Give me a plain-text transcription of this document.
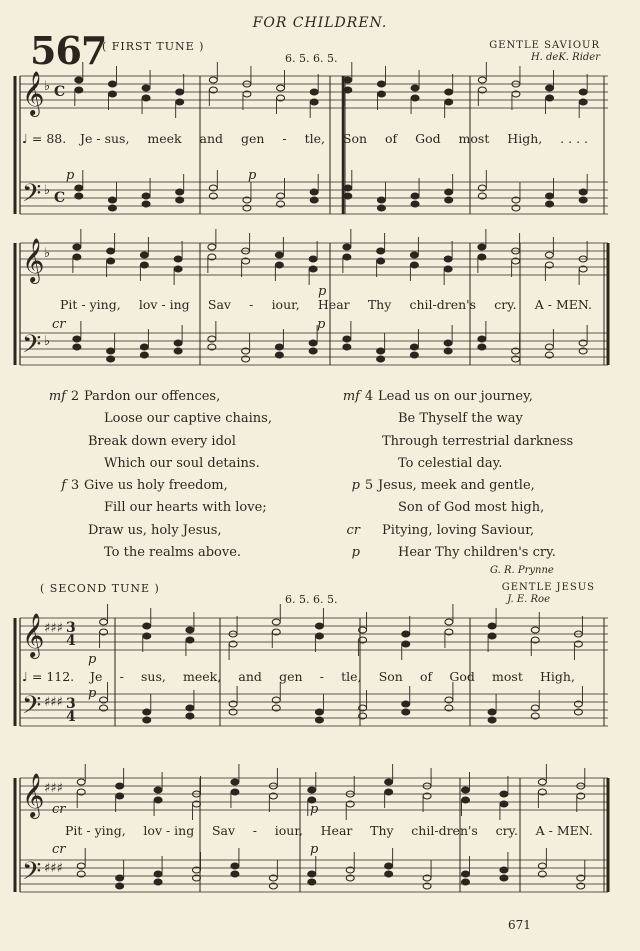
FOR CHILDREN.
567
( FIRST TUNE )
6. 5. 6. 5.
GENTLE SAVIOUR
H. deK. Rider
𝄞
𝄢
♭
♭
C
C
𝄞
𝄢
♭
♭
𝄞
𝄢
♯♯♯
♯♯♯
3 4
3 4
𝄞
𝄢
♯♯♯
♯♯♯
♩ = 88. Je - sus, meek and gen - tle, Son of God most High, . . . .
p	p
Pit - ying, lov - ing Sav - iour, Hear Thy chil-dren's cry. A - MEN.
p
cr	p
mf 2 Pardon our offences,
Loose our captive chains,
Break down every idol
Which our soul detains.
f 3 Give us holy freedom,
Fill our hearts with love;
Draw us, holy Jesus,
To the realms above.
mf 4 Lead us on our journey,
Be Thyself the way
Through terrestrial darkness
To celestial day.
p 5 Jesus, meek and gentle,
Son of God most high,
cr Pitying, loving Saviour,
p	Hear Thy children's cry.
G. R. Prynne
( SECOND TUNE )
6. 5. 6. 5.
GENTLE JESUS
J. E. Roe
♩ = 112. Je - sus, meek, and gen - tle, Son of God most High,
p
p
Pit - ying, lov - ing Sav - iour, Hear Thy chil-dren's cry. A - MEN.
cr	p
cr	p
671
